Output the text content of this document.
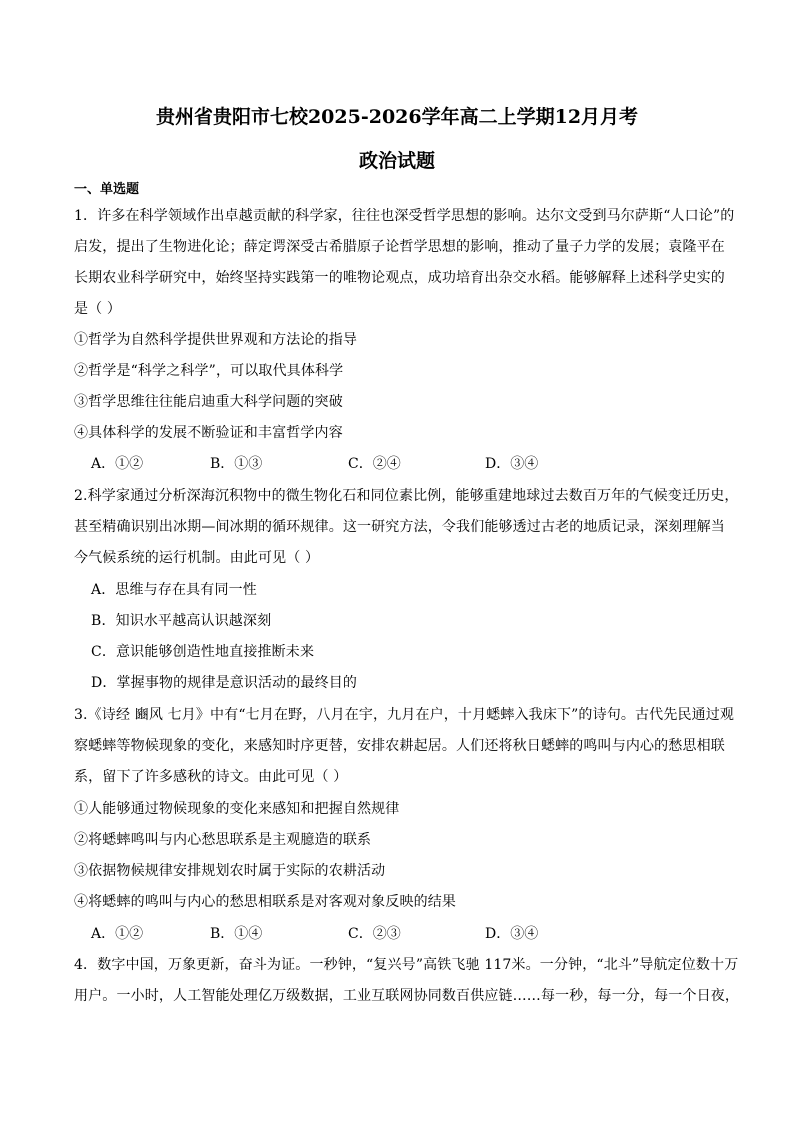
贵州省贵阳市七校2025-2026学年高二上学期12月月考
政治试题
一、单选题
1．许多在科学领域作出卓越贡献的科学家，往往也深受哲学思想的影响。达尔文受到马尔萨斯“人口论”的
启发，提出了生物进化论；薛定谔深受古希腊原子论哲学思想的影响，推动了量子力学的发展；袁隆平在
长期农业科学研究中，始终坚持实践第一的唯物论观点，成功培育出杂交水稻。能够解释上述科学史实的
是（ ）
①哲学为自然科学提供世界观和方法论的指导
②哲学是“科学之科学”，可以取代具体科学
③哲学思维往往能启迪重大科学问题的突破
④具体科学的发展不断验证和丰富哲学内容
A．①②	B．①③	C．②④	D．③④
2.科学家通过分析深海沉积物中的微生物化石和同位素比例，能够重建地球过去数百万年的气候变迁历史，
甚至精确识别出冰期—间冰期的循环规律。这一研究方法，令我们能够透过古老的地质记录，深刻理解当
今气候系统的运行机制。由此可见（ ）
A．思维与存在具有同一性
B．知识水平越高认识越深刻
C．意识能够创造性地直接推断未来
D．掌握事物的规律是意识活动的最终目的
3.《诗经 豳风 七月》中有“七月在野，八月在宇，九月在户，十月蟋蟀入我床下”的诗句。古代先民通过观
察蟋蟀等物候现象的变化，来感知时序更替，安排农耕起居。人们还将秋日蟋蟀的鸣叫与内心的愁思相联
系，留下了许多感秋的诗文。由此可见（ ）
①人能够通过物候现象的变化来感知和把握自然规律
②将蟋蟀鸣叫与内心愁思联系是主观臆造的联系
③依据物候规律安排规划农时属于实际的农耕活动
④将蟋蟀的鸣叫与内心的愁思相联系是对客观对象反映的结果
A．①②	B．①④	C．②③	D．③④
4．数字中国，万象更新，奋斗为证。一秒钟，“复兴号”高铁飞驰 117米。一分钟，“北斗”导航定位数十万
用户。一小时，人工智能处理亿万级数据，工业互联网协同数百供应链……每一秒，每一分，每一个日夜，
